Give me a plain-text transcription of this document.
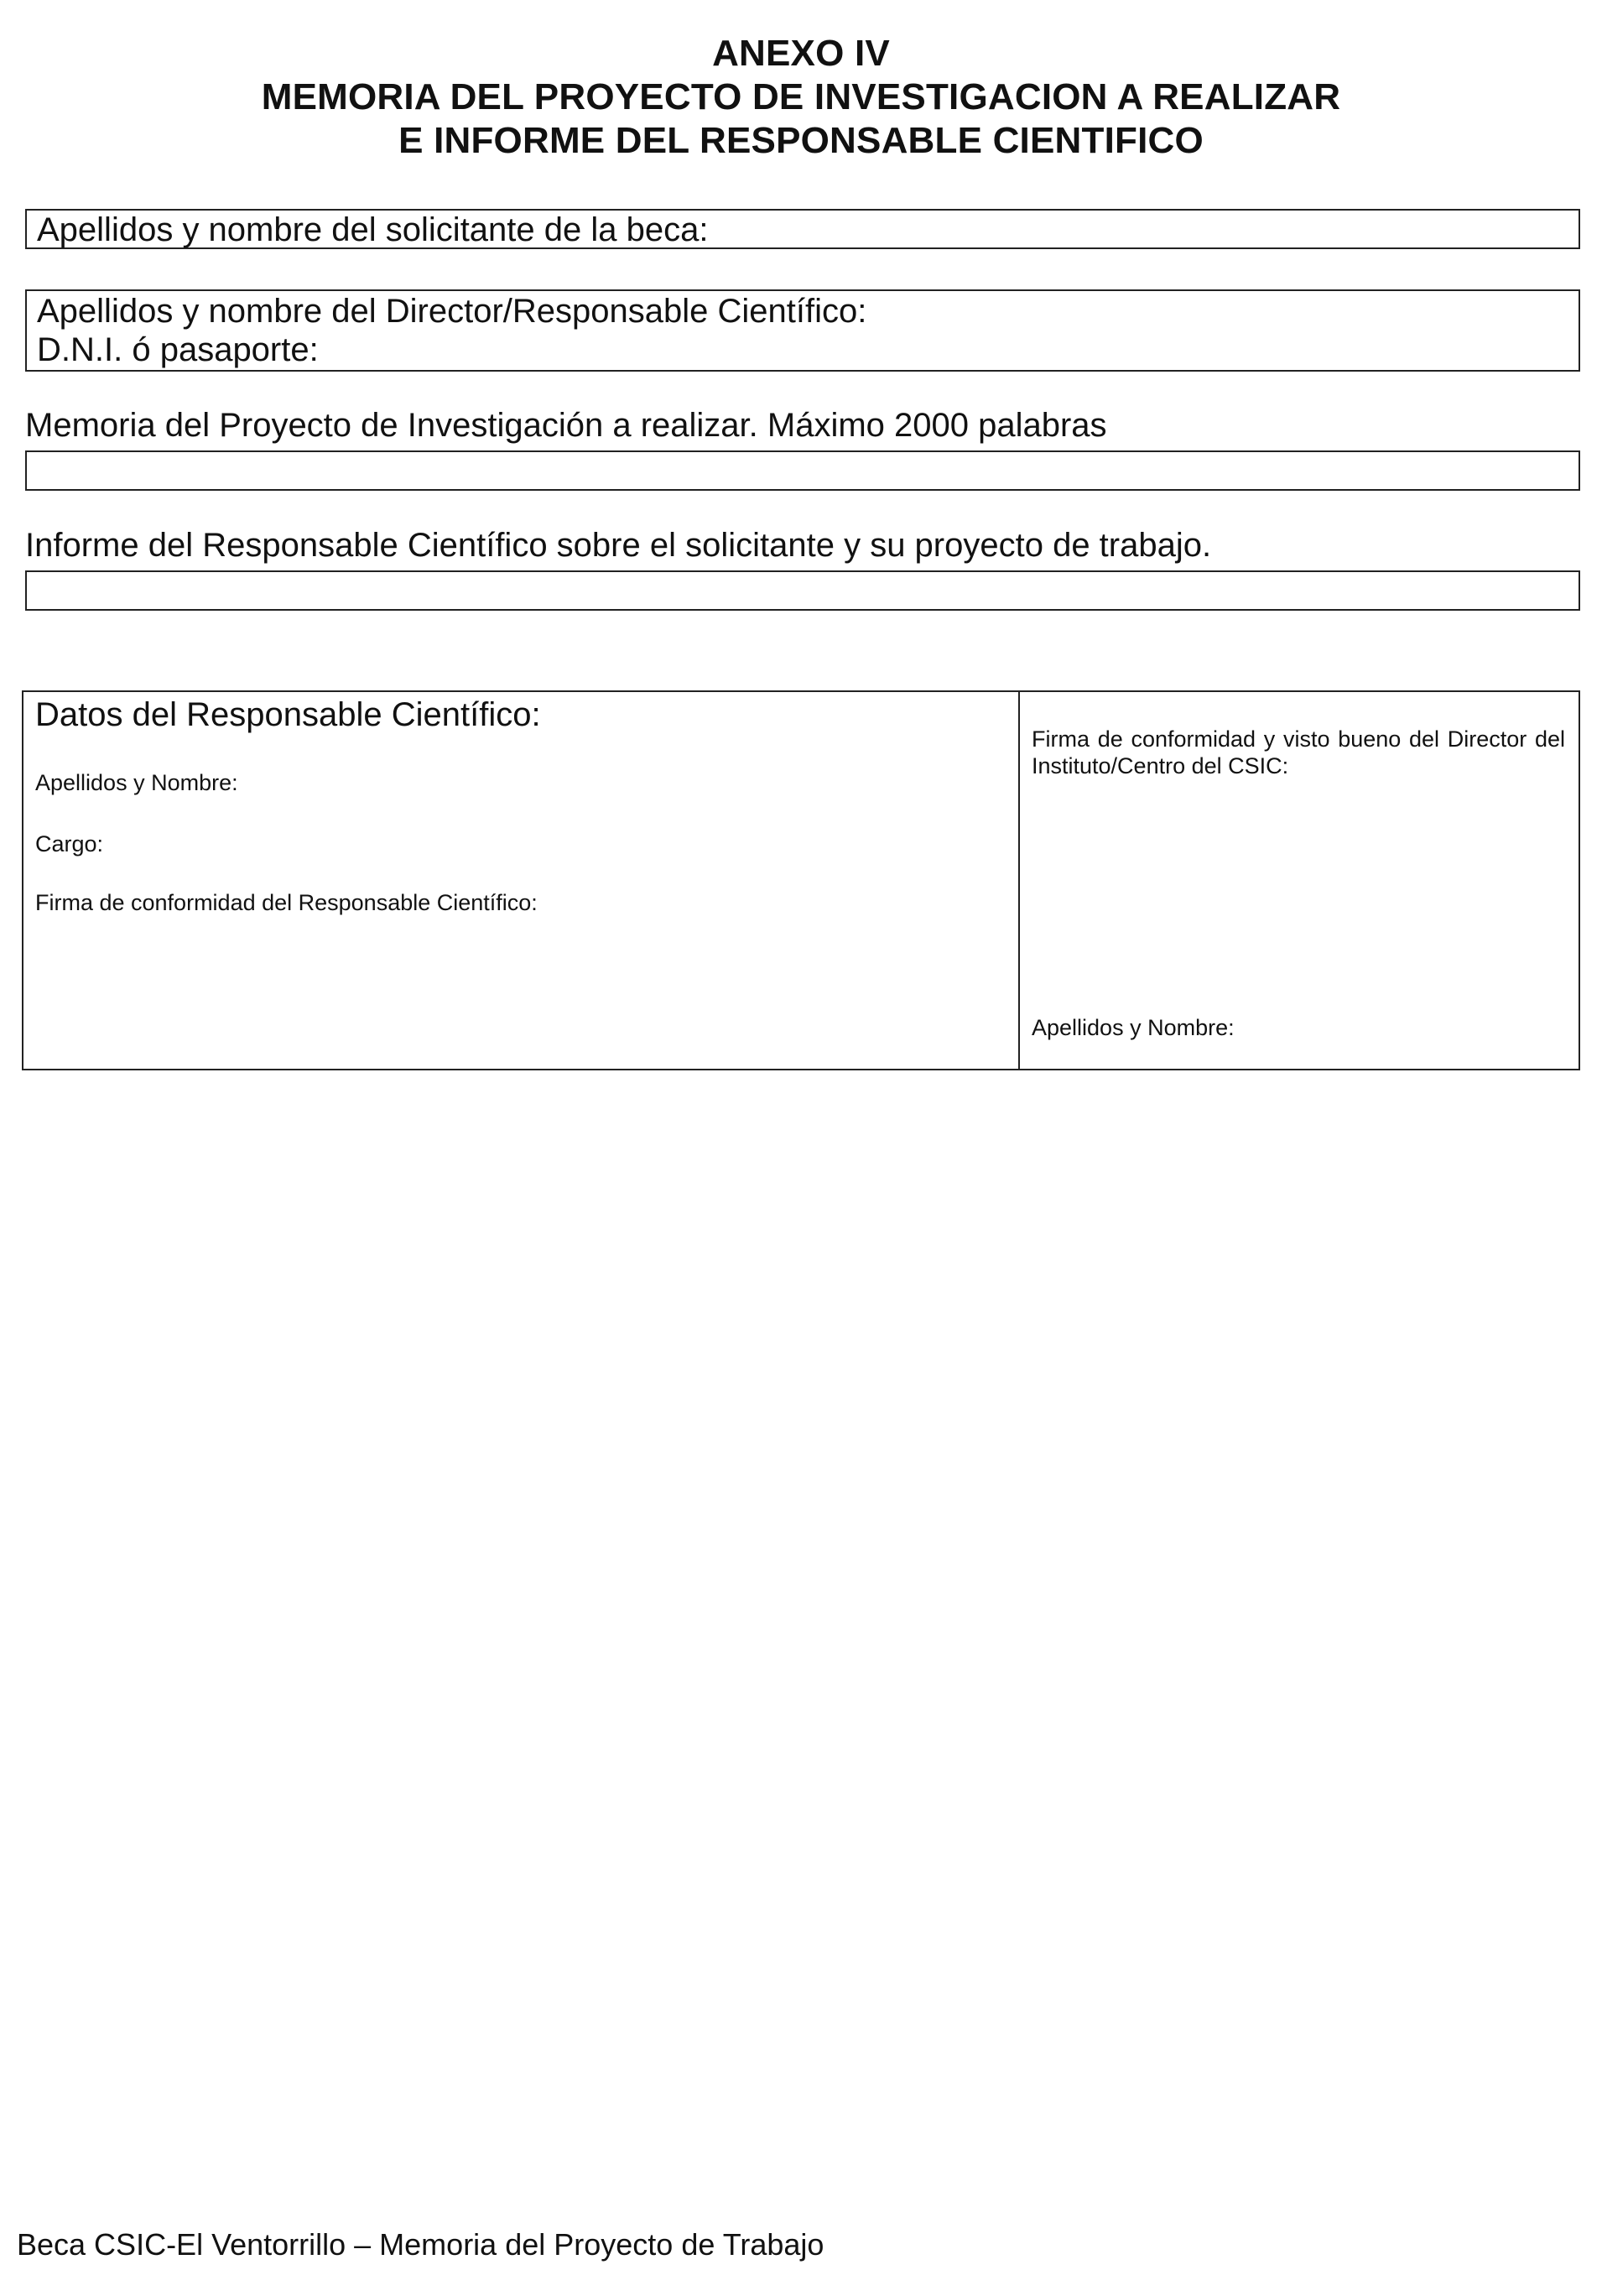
ANEXO IV
MEMORIA DEL PROYECTO DE INVESTIGACION A REALIZAR
E INFORME DEL RESPONSABLE CIENTIFICO
Apellidos y nombre del solicitante de la beca:
Apellidos y nombre del Director/Responsable Científico:
D.N.I. ó pasaporte:
Memoria del Proyecto de Investigación a realizar. Máximo 2000 palabras
Informe del Responsable Científico sobre el solicitante y su proyecto de trabajo.
Datos del Responsable Científico:
Apellidos y Nombre:
Cargo:
Firma de conformidad del Responsable Científico:
Firma de conformidad y visto bueno del Director del Instituto/Centro del CSIC:
Apellidos y Nombre:
Beca CSIC-El Ventorrillo – Memoria del Proyecto de Trabajo
